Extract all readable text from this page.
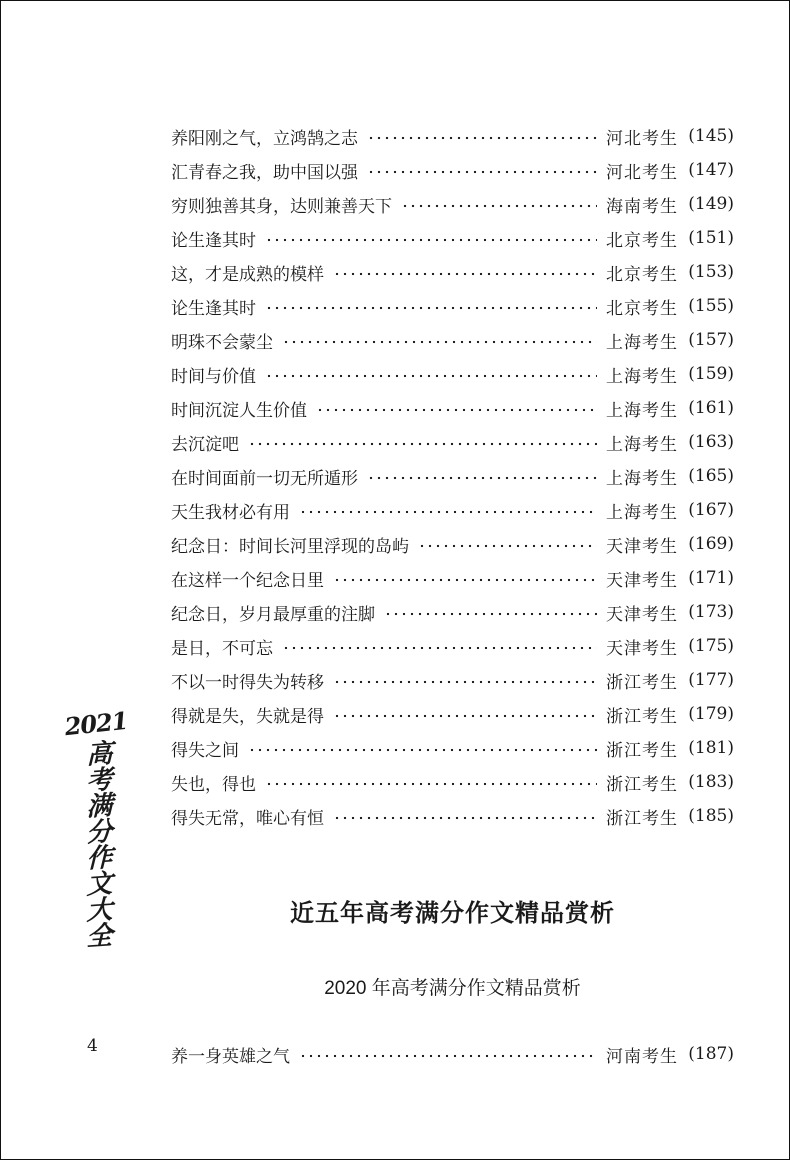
养阳刚之气，立鸿鹄之志	河北考生 (145)
汇青春之我，助中国以强	河北考生 (147)
穷则独善其身，达则兼善天下	海南考生 (149)
论生逢其时	北京考生 (151)
这，才是成熟的模样	北京考生 (153)
论生逢其时	北京考生 (155)
明珠不会蒙尘	上海考生 (157)
时间与价值	上海考生 (159)
时间沉淀人生价值	上海考生 (161)
去沉淀吧	上海考生 (163)
在时间面前一切无所遁形	上海考生 (165)
天生我材必有用	上海考生 (167)
纪念日：时间长河里浮现的岛屿	天津考生 (169)
在这样一个纪念日里	天津考生 (171)
纪念日，岁月最厚重的注脚	天津考生 (173)
是日，不可忘	天津考生 (175)
不以一时得失为转移	浙江考生 (177)
得就是失，失就是得	浙江考生 (179)
得失之间	浙江考生 (181)
失也，得也	浙江考生 (183)
得失无常，唯心有恒	浙江考生 (185)
2021
高考满分作文大全	近五年高考满分作文精品赏析
2020 年高考满分作文精品赏析
4
养一身英雄之气	河南考生 (187)
